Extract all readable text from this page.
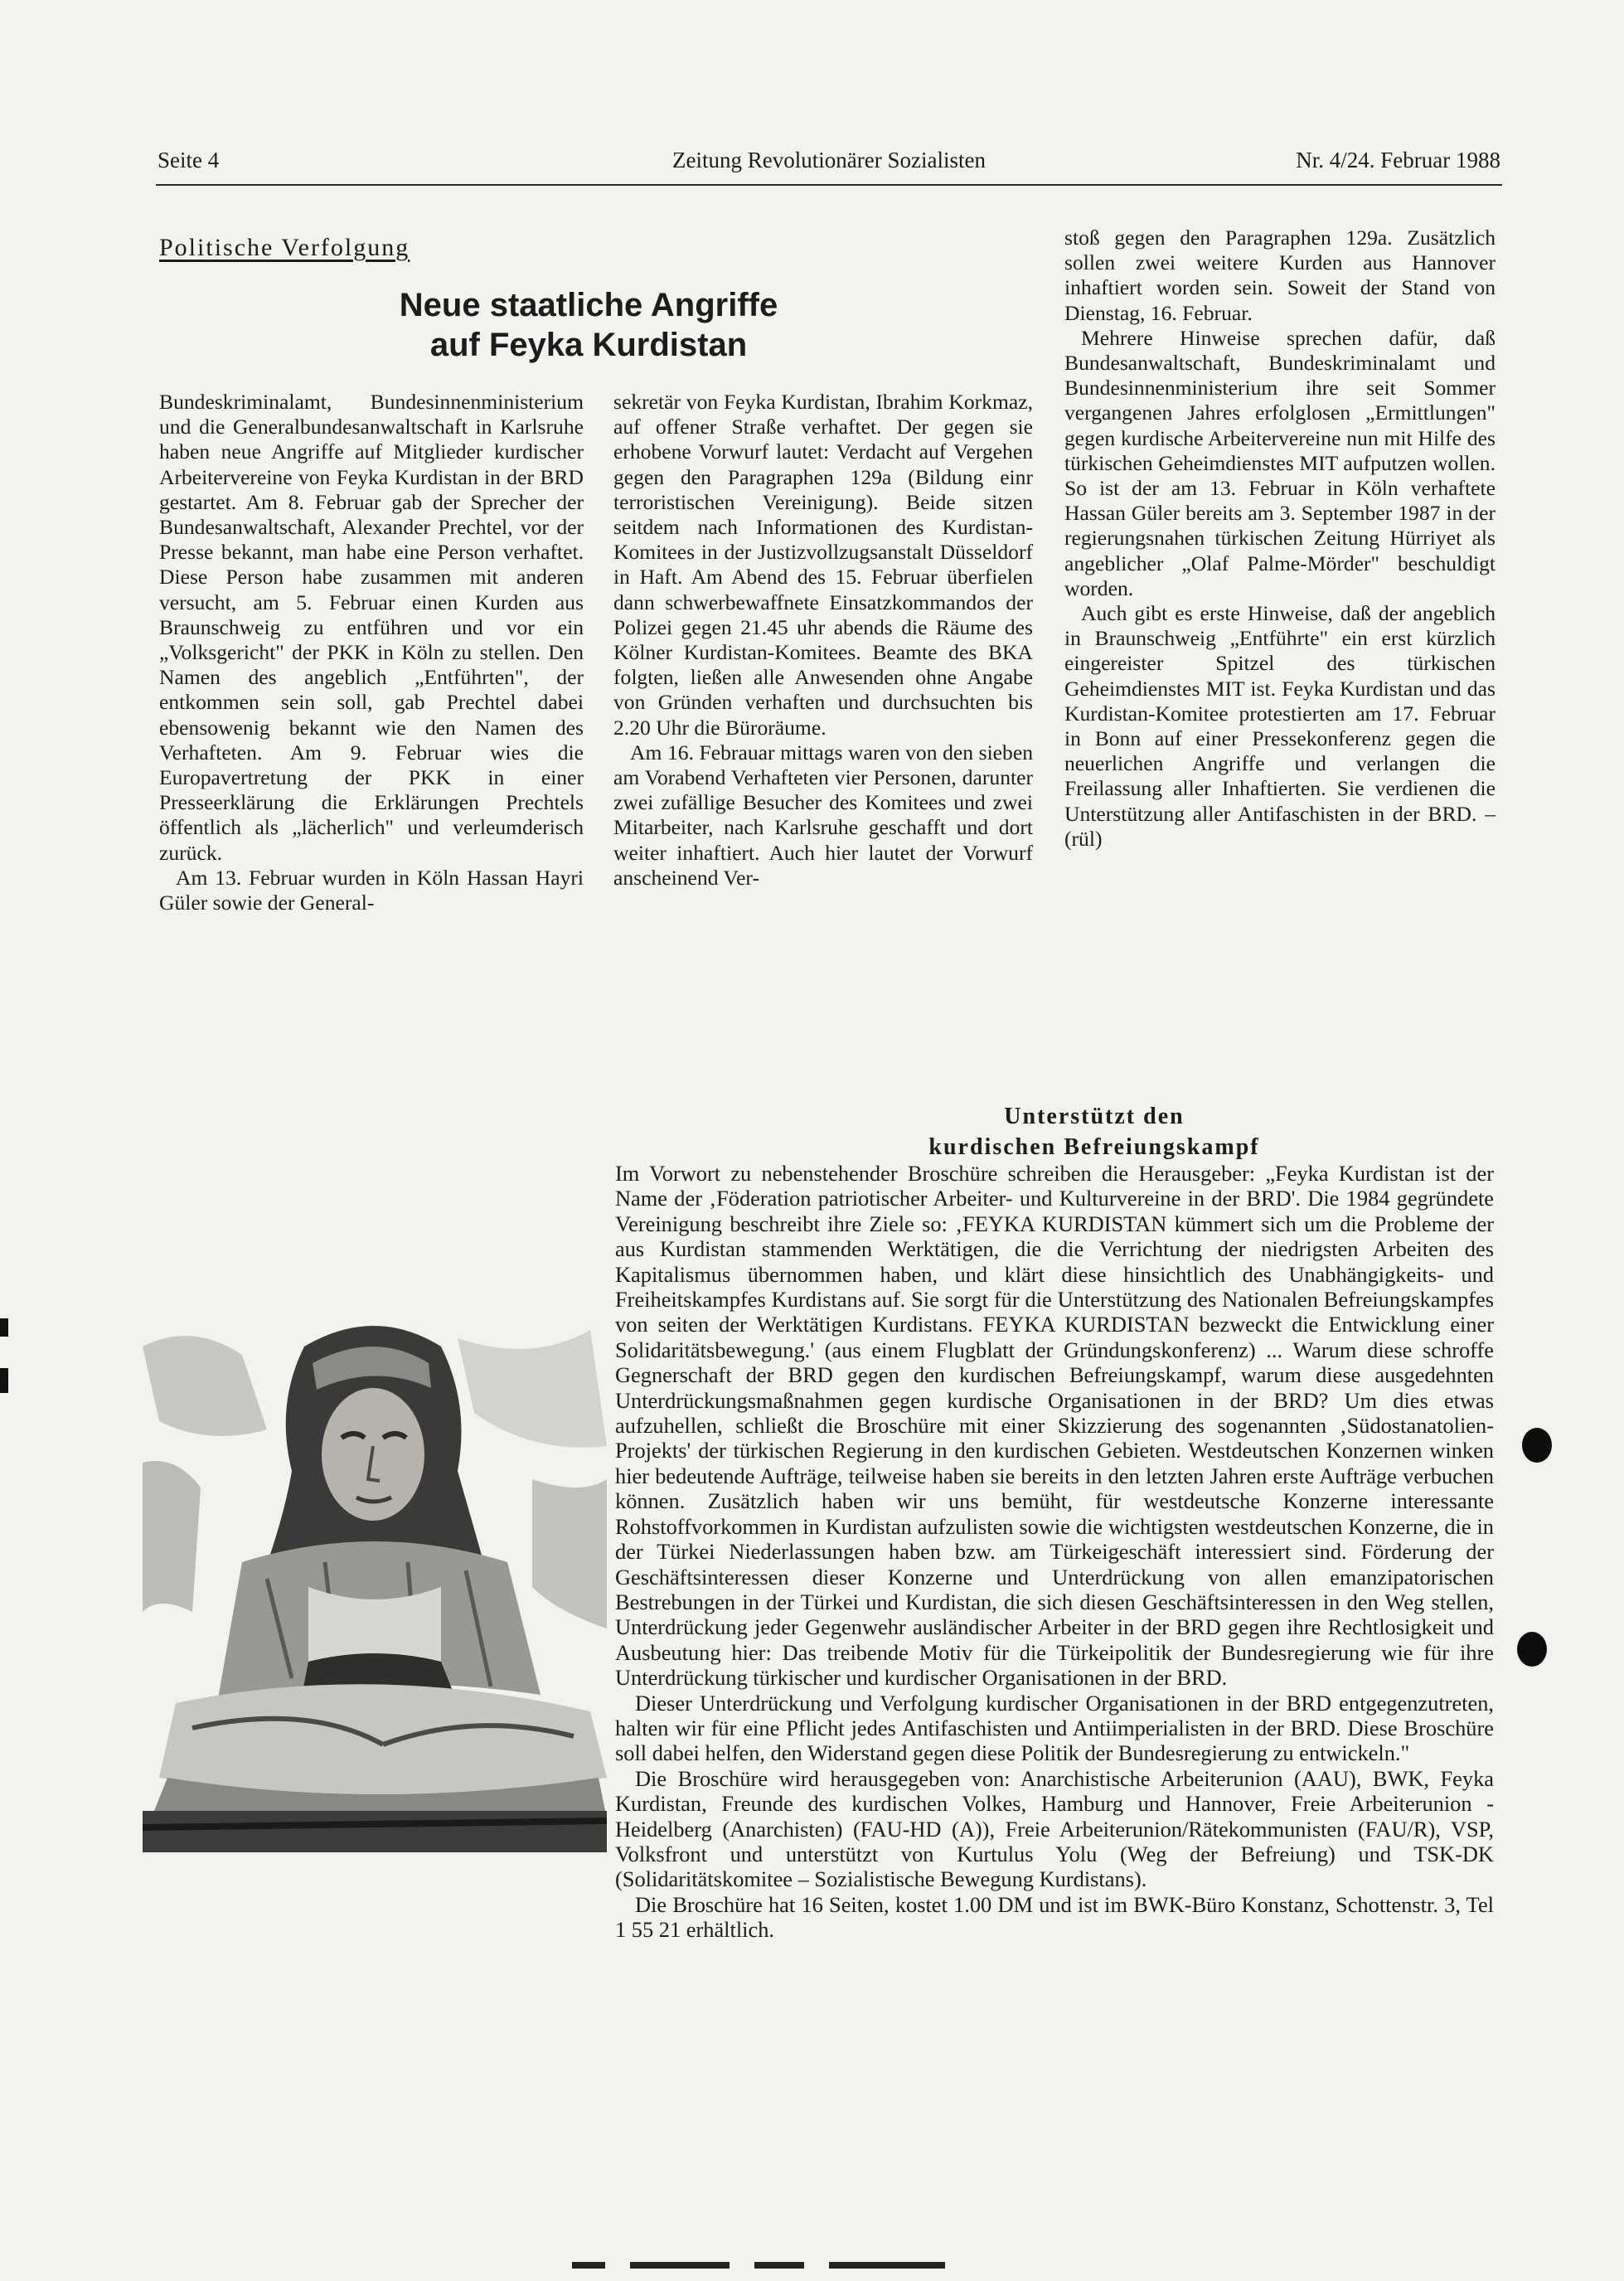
Seite 4	Zeitung Revolutionärer Sozialisten	Nr. 4/24. Februar 1988
Politische Verfolgung
Neue staatliche Angriffe
auf Feyka Kurdistan

Bundeskriminalamt, Bundesinnenministerium und die Generalbundesanwaltschaft in Karlsruhe haben neue Angriffe auf Mitglieder kurdischer Arbeitervereine von Feyka Kurdistan in der BRD gestartet. Am 8. Februar gab der Sprecher der Bundesanwaltschaft, Alexander Prechtel, vor der Presse bekannt, man habe eine Person verhaftet. Diese Person habe zusammen mit anderen versucht, am 5. Februar einen Kurden aus Braunschweig zu entführen und vor ein „Volksgericht" der PKK in Köln zu stellen. Den Namen des angeblich „Entführten", der entkommen sein soll, gab Prechtel dabei ebensowenig bekannt wie den Namen des Verhafteten. Am 9. Februar wies die Europavertretung der PKK in einer Presseerklärung die Erklärungen Prechtels öffentlich als „lächerlich" und verleumderisch zurück.

Am 13. Februar wurden in Köln Hassan Hayri Güler sowie der General-

sekretär von Feyka Kurdistan, Ibrahim Korkmaz, auf offener Straße verhaftet. Der gegen sie erhobene Vorwurf lautet: Verdacht auf Vergehen gegen den Paragraphen 129a (Bildung einr terroristischen Vereinigung). Beide sitzen seitdem nach Informationen des Kurdistan-Komitees in der Justizvollzugsanstalt Düsseldorf in Haft. Am Abend des 15. Februar überfielen dann schwerbewaffnete Einsatzkommandos der Polizei gegen 21.45 uhr abends die Räume des Kölner Kurdistan-Komitees. Beamte des BKA folgten, ließen alle Anwesenden ohne Angabe von Gründen verhaften und durchsuchten bis 2.20 Uhr die Büroräume.

Am 16. Febrauar mittags waren von den sieben am Vorabend Verhafteten vier Personen, darunter zwei zufällige Besucher des Komitees und zwei Mitarbeiter, nach Karlsruhe geschafft und dort weiter inhaftiert. Auch hier lautet der Vorwurf anscheinend Ver-

stoß gegen den Paragraphen 129a. Zusätzlich sollen zwei weitere Kurden aus Hannover inhaftiert worden sein. Soweit der Stand von Dienstag, 16. Februar.

Mehrere Hinweise sprechen dafür, daß Bundesanwaltschaft, Bundeskriminalamt und Bundesinnenministerium ihre seit Sommer vergangenen Jahres erfolglosen „Ermittlungen" gegen kurdische Arbeitervereine nun mit Hilfe des türkischen Geheimdienstes MIT aufputzen wollen. So ist der am 13. Februar in Köln verhaftete Hassan Güler bereits am 3. September 1987 in der regierungsnahen türkischen Zeitung Hürriyet als angeblicher „Olaf Palme-Mörder" beschuldigt worden.

Auch gibt es erste Hinweise, daß der angeblich in Braunschweig „Entführte" ein erst kürzlich eingereister Spitzel des türkischen Geheimdienstes MIT ist. Feyka Kurdistan und das Kurdistan-Komitee protestierten am 17. Februar in Bonn auf einer Pressekonferenz gegen die neuerlichen Angriffe und verlangen die Freilassung aller Inhaftierten. Sie verdienen die Unterstützung aller Antifaschisten in der BRD. – (rül)

Unterstützt den
kurdischen Befreiungskampf

Im Vorwort zu nebenstehender Broschüre schreiben die Herausgeber: „Feyka Kurdistan ist der Name der ‚Föderation patriotischer Arbeiter- und Kulturvereine in der BRD'. Die 1984 gegründete Vereinigung beschreibt ihre Ziele so: ‚FEYKA KURDISTAN kümmert sich um die Probleme der aus Kurdistan stammenden Werktätigen, die die Verrichtung der niedrigsten Arbeiten des Kapitalismus übernommen haben, und klärt diese hinsichtlich des Unabhängigkeits- und Freiheitskampfes Kurdistans auf. Sie sorgt für die Unterstützung des Nationalen Befreiungskampfes von seiten der Werktätigen Kurdistans. FEYKA KURDISTAN bezweckt die Entwicklung einer Solidaritätsbewegung.' (aus einem Flugblatt der Gründungskonferenz) ... Warum diese schroffe Gegnerschaft der BRD gegen den kurdischen Befreiungskampf, warum diese ausgedehnten Unterdrückungsmaßnahmen gegen kurdische Organisationen in der BRD? Um dies etwas aufzuhellen, schließt die Broschüre mit einer Skizzierung des sogenannten ‚Südostanatolien-Projekts' der türkischen Regierung in den kurdischen Gebieten. Westdeutschen Konzernen winken hier bedeutende Aufträge, teilweise haben sie bereits in den letzten Jahren erste Aufträge verbuchen können. Zusätzlich haben wir uns bemüht, für westdeutsche Konzerne interessante Rohstoffvorkommen in Kurdistan aufzulisten sowie die wichtigsten westdeutschen Konzerne, die in der Türkei Niederlassungen haben bzw. am Türkeigeschäft interessiert sind. Förderung der Geschäftsinteressen dieser Konzerne und Unterdrückung von allen emanzipatorischen Bestrebungen in der Türkei und Kurdistan, die sich diesen Geschäftsinteressen in den Weg stellen, Unterdrückung jeder Gegenwehr ausländischer Arbeiter in der BRD gegen ihre Rechtlosigkeit und Ausbeutung hier: Das treibende Motiv für die Türkeipolitik der Bundesregierung wie für ihre Unterdrückung türkischer und kurdischer Organisationen in der BRD.

Dieser Unterdrückung und Verfolgung kurdischer Organisationen in der BRD entgegenzutreten, halten wir für eine Pflicht jedes Antifaschisten und Antiimperialisten in der BRD. Diese Broschüre soll dabei helfen, den Widerstand gegen diese Politik der Bundesregierung zu entwickeln."

Die Broschüre wird herausgegeben von: Anarchistische Arbeiterunion (AAU), BWK, Feyka Kurdistan, Freunde des kurdischen Volkes, Hamburg und Hannover, Freie Arbeiterunion - Heidelberg (Anarchisten) (FAU-HD (A)), Freie Arbeiterunion/Rätekommunisten (FAU/R), VSP, Volksfront und unterstützt von Kurtulus Yolu (Weg der Befreiung) und TSK-DK (Solidaritätskomitee – Sozialistische Bewegung Kurdistans).

Die Broschüre hat 16 Seiten, kostet 1.00 DM und ist im BWK-Büro Konstanz, Schottenstr. 3, Tel 1 55 21 erhältlich.
